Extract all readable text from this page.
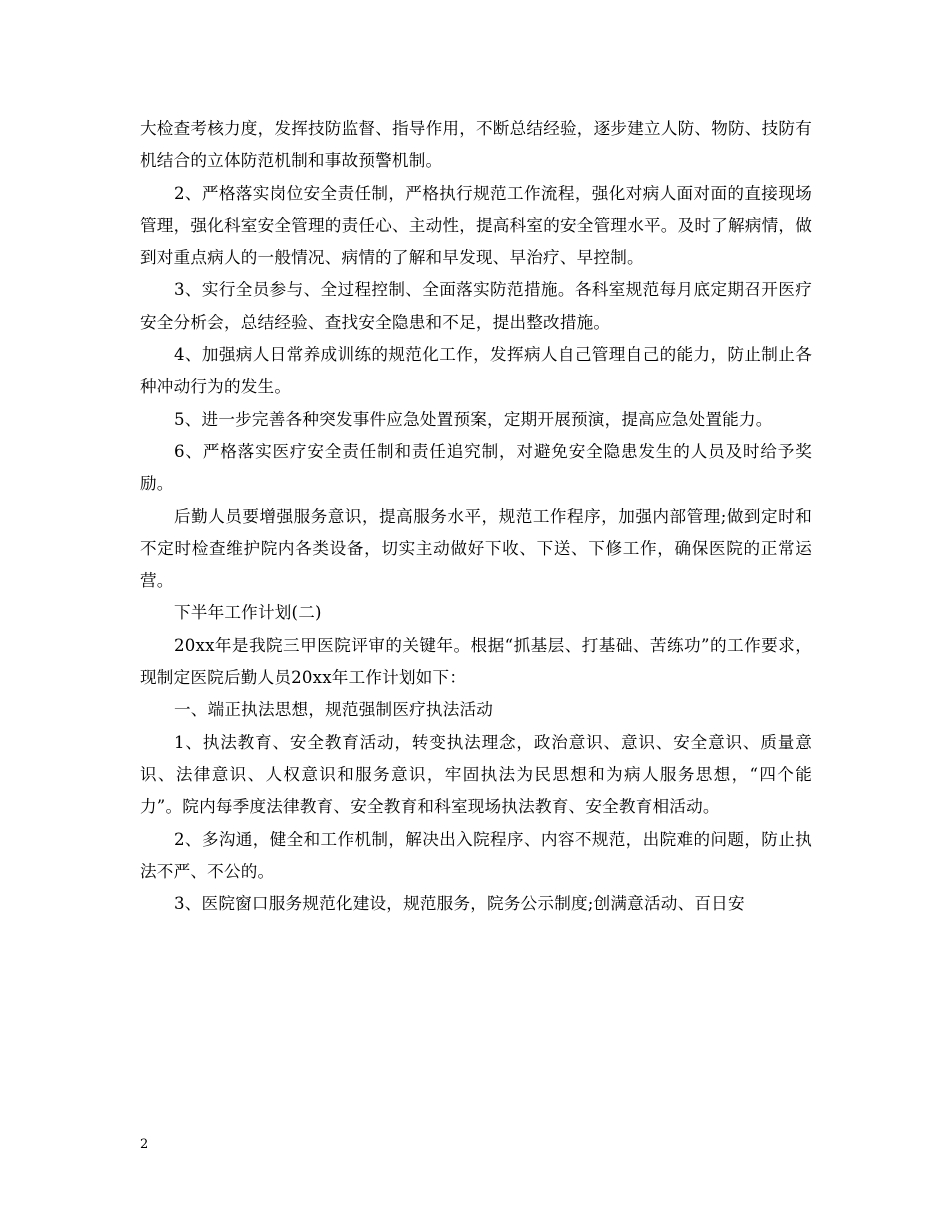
大检查考核力度，发挥技防监督、指导作用，不断总结经验，逐步建立人防、物防、技防有机结合的立体防范机制和事故预警机制。

2、严格落实岗位安全责任制，严格执行规范工作流程，强化对病人面对面的直接现场管理，强化科室安全管理的责任心、主动性，提高科室的安全管理水平。及时了解病情，做到对重点病人的一般情况、病情的了解和早发现、早治疗、早控制。

3、实行全员参与、全过程控制、全面落实防范措施。各科室规范每月底定期召开医疗安全分析会，总结经验、查找安全隐患和不足，提出整改措施。

4、加强病人日常养成训练的规范化工作，发挥病人自己管理自己的能力，防止制止各种冲动行为的发生。

5、进一步完善各种突发事件应急处置预案，定期开展预演，提高应急处置能力。

6、严格落实医疗安全责任制和责任追究制，对避免安全隐患发生的人员及时给予奖励。

后勤人员要增强服务意识，提高服务水平，规范工作程序，加强内部管理;做到定时和不定时检查维护院内各类设备，切实主动做好下收、下送、下修工作，确保医院的正常运营。

下半年工作计划(二)

20xx年是我院三甲医院评审的关键年。根据“抓基层、打基础、苦练功”的工作要求，现制定医院后勤人员20xx年工作计划如下：

一、端正执法思想，规范强制医疗执法活动

1、执法教育、安全教育活动，转变执法理念，政治意识、意识、安全意识、质量意识、法律意识、人权意识和服务意识，牢固执法为民思想和为病人服务思想，“四个能力”。院内每季度法律教育、安全教育和科室现场执法教育、安全教育相活动。

2、多沟通，健全和工作机制，解决出入院程序、内容不规范，出院难的问题，防止执法不严、不公的。

3、医院窗口服务规范化建设，规范服务，院务公示制度;创满意活动、百日安

2
